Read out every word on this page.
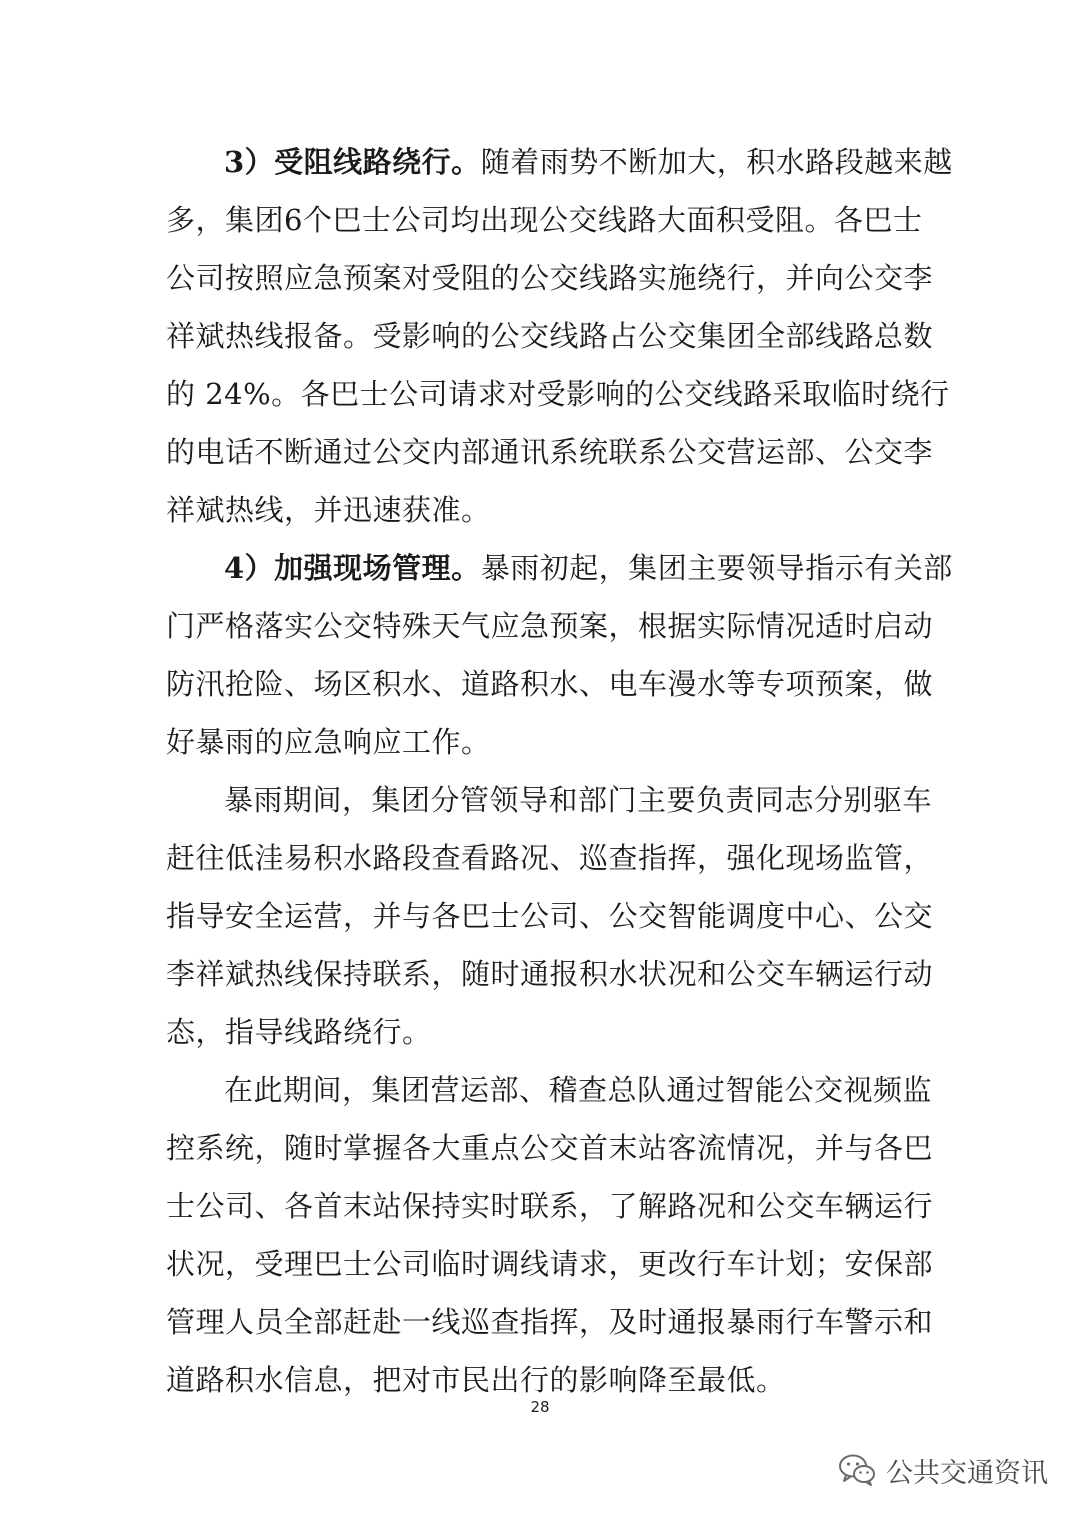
3）受阻线路绕行。随着雨势不断加大，积水路段越来越
多，集团6个巴士公司均出现公交线路大面积受阻。各巴士
公司按照应急预案对受阻的公交线路实施绕行，并向公交李
祥斌热线报备。受影响的公交线路占公交集团全部线路总数
的 24%。各巴士公司请求对受影响的公交线路采取临时绕行
的电话不断通过公交内部通讯系统联系公交营运部、公交李
祥斌热线，并迅速获准。
4）加强现场管理。暴雨初起，集团主要领导指示有关部
门严格落实公交特殊天气应急预案，根据实际情况适时启动
防汛抢险、场区积水、道路积水、电车漫水等专项预案，做
好暴雨的应急响应工作。
暴雨期间，集团分管领导和部门主要负责同志分别驱车
赶往低洼易积水路段查看路况、巡查指挥，强化现场监管，
指导安全运营，并与各巴士公司、公交智能调度中心、公交
李祥斌热线保持联系，随时通报积水状况和公交车辆运行动
态，指导线路绕行。
在此期间，集团营运部、稽查总队通过智能公交视频监
控系统，随时掌握各大重点公交首末站客流情况，并与各巴
士公司、各首末站保持实时联系，了解路况和公交车辆运行
状况，受理巴士公司临时调线请求，更改行车计划；安保部
管理人员全部赶赴一线巡查指挥，及时通报暴雨行车警示和
道路积水信息，把对市民出行的影响降至最低。
28
公共交通资讯
